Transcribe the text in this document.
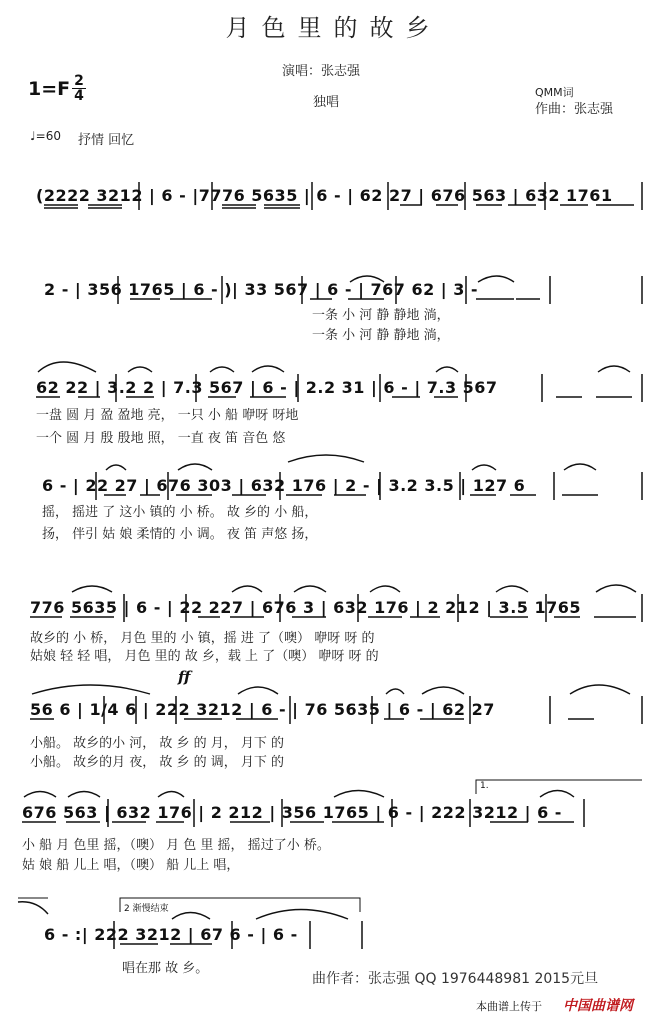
月色里的故乡
演唱：张志强
独唱
QMM词
作曲：张志强
$1=F \frac{2}{4}$
♩=60 抒情 回忆
(2222 3212 | 6 - |7776 5635 | 6 - | 62 27 | 676 563 | 632 1761
2 - | 356 1765 | 6 - )| 33 567 | 6 - | 767 62 | 3 -
一条 小 河 静 静地 淌，
一条 小 河 静 静地 淌，
62 22 | 3.2 2 | 7.3 567 | 6 - | 2.2 31 | 6 - | 7.3 567
一盘 圆 月 盈 盈地 亮， 一只 小 船 咿呀 呀地
一个 圆 月 殷 殷地 照， 一直 夜 笛 音色 悠
6 - | 22 27 | 676 303 | 632 176 | 2 - | 3.2 3.5 | 127 6
摇， 摇进 了 这小 镇的 小 桥。 故 乡的 小 船，
扬， 伴引 姑 娘 柔情的 小 调。 夜 笛 声悠 扬，
776 5635 | 6 - | 22 227 | 676 3 | 632 176 | 2 212 | 3.5 1765
故乡的 小 桥， 月色 里的 小 镇，摇 进 了（噢） 咿呀 呀 的
姑娘 轻 轻 唱， 月色 里的 故 乡，载 上 了（噢） 咿呀 呀 的
ff
56 6 | 1/4 6 | 222 3212 | 6 - | 76 5635 | 6 - | 62 27
小船。 故乡的小 河， 故 乡 的 月， 月下 的
小船。 故乡的月 夜， 故 乡 的 调， 月下 的
1.
676 563 | 632 176 | 2 212 | 356 1765 | 6 - | 222 3212 | 6 -
小 船 月 色里 摇，（噢） 月 色 里 摇， 摇过了小 桥。
姑 娘 船 儿上 唱，（噢） 船 儿上 唱，
2 渐慢结束
6 - :| 222 3212 | 67 6 - | 6 -
唱在那 故 乡。
曲作者：张志强 QQ 1976448981 2015元旦
本曲谱上传于 中国曲谱网
